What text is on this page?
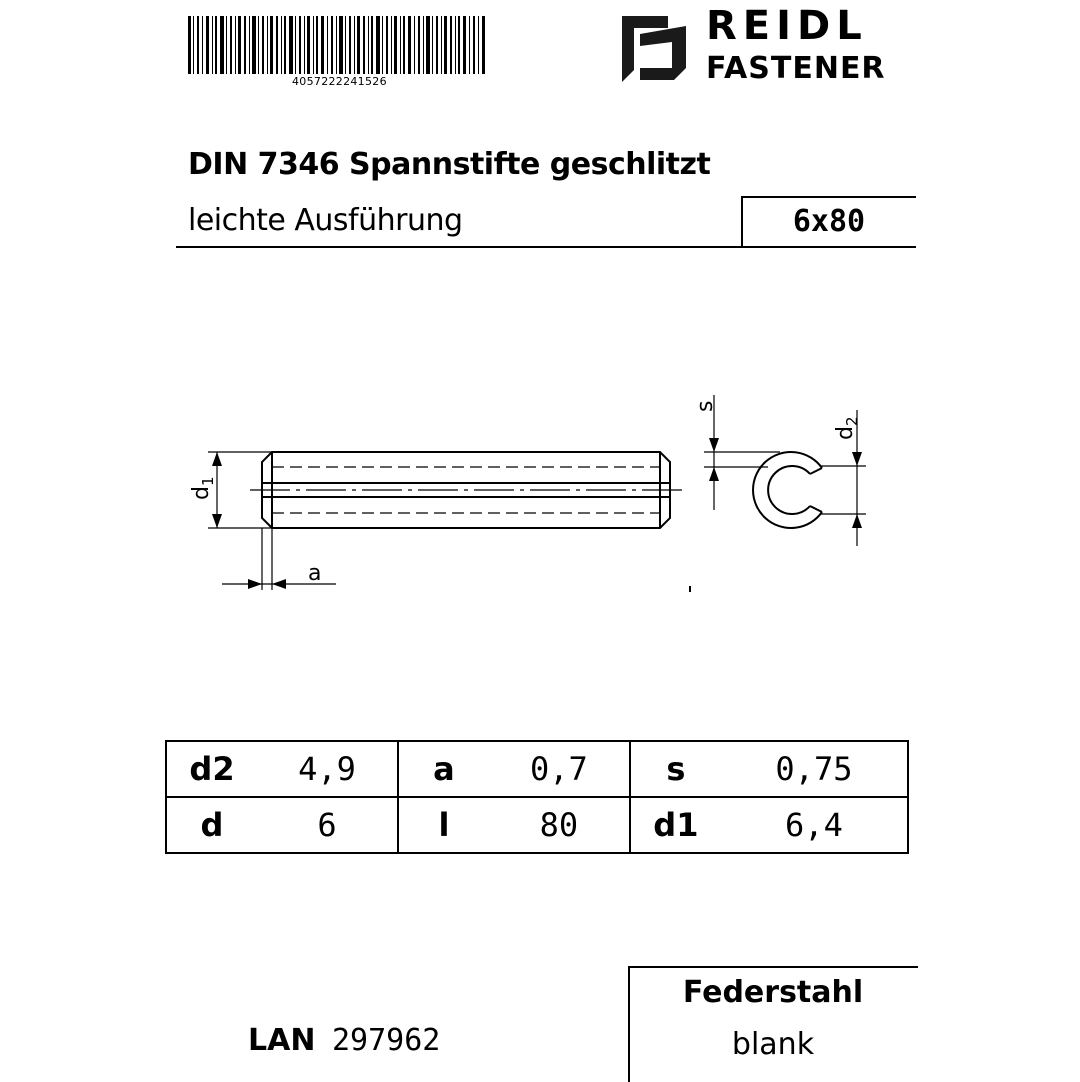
4057222241526
REIDL
FASTENER
DIN 7346 Spannstifte geschlitzt
leichte Ausführung	6x80
$d_1$
$d_2$
s
a
d2	4,9	a	0,7	s	0,75
d	6	l	80	d1	6,4
LAN 297962
Federstahl
blank
